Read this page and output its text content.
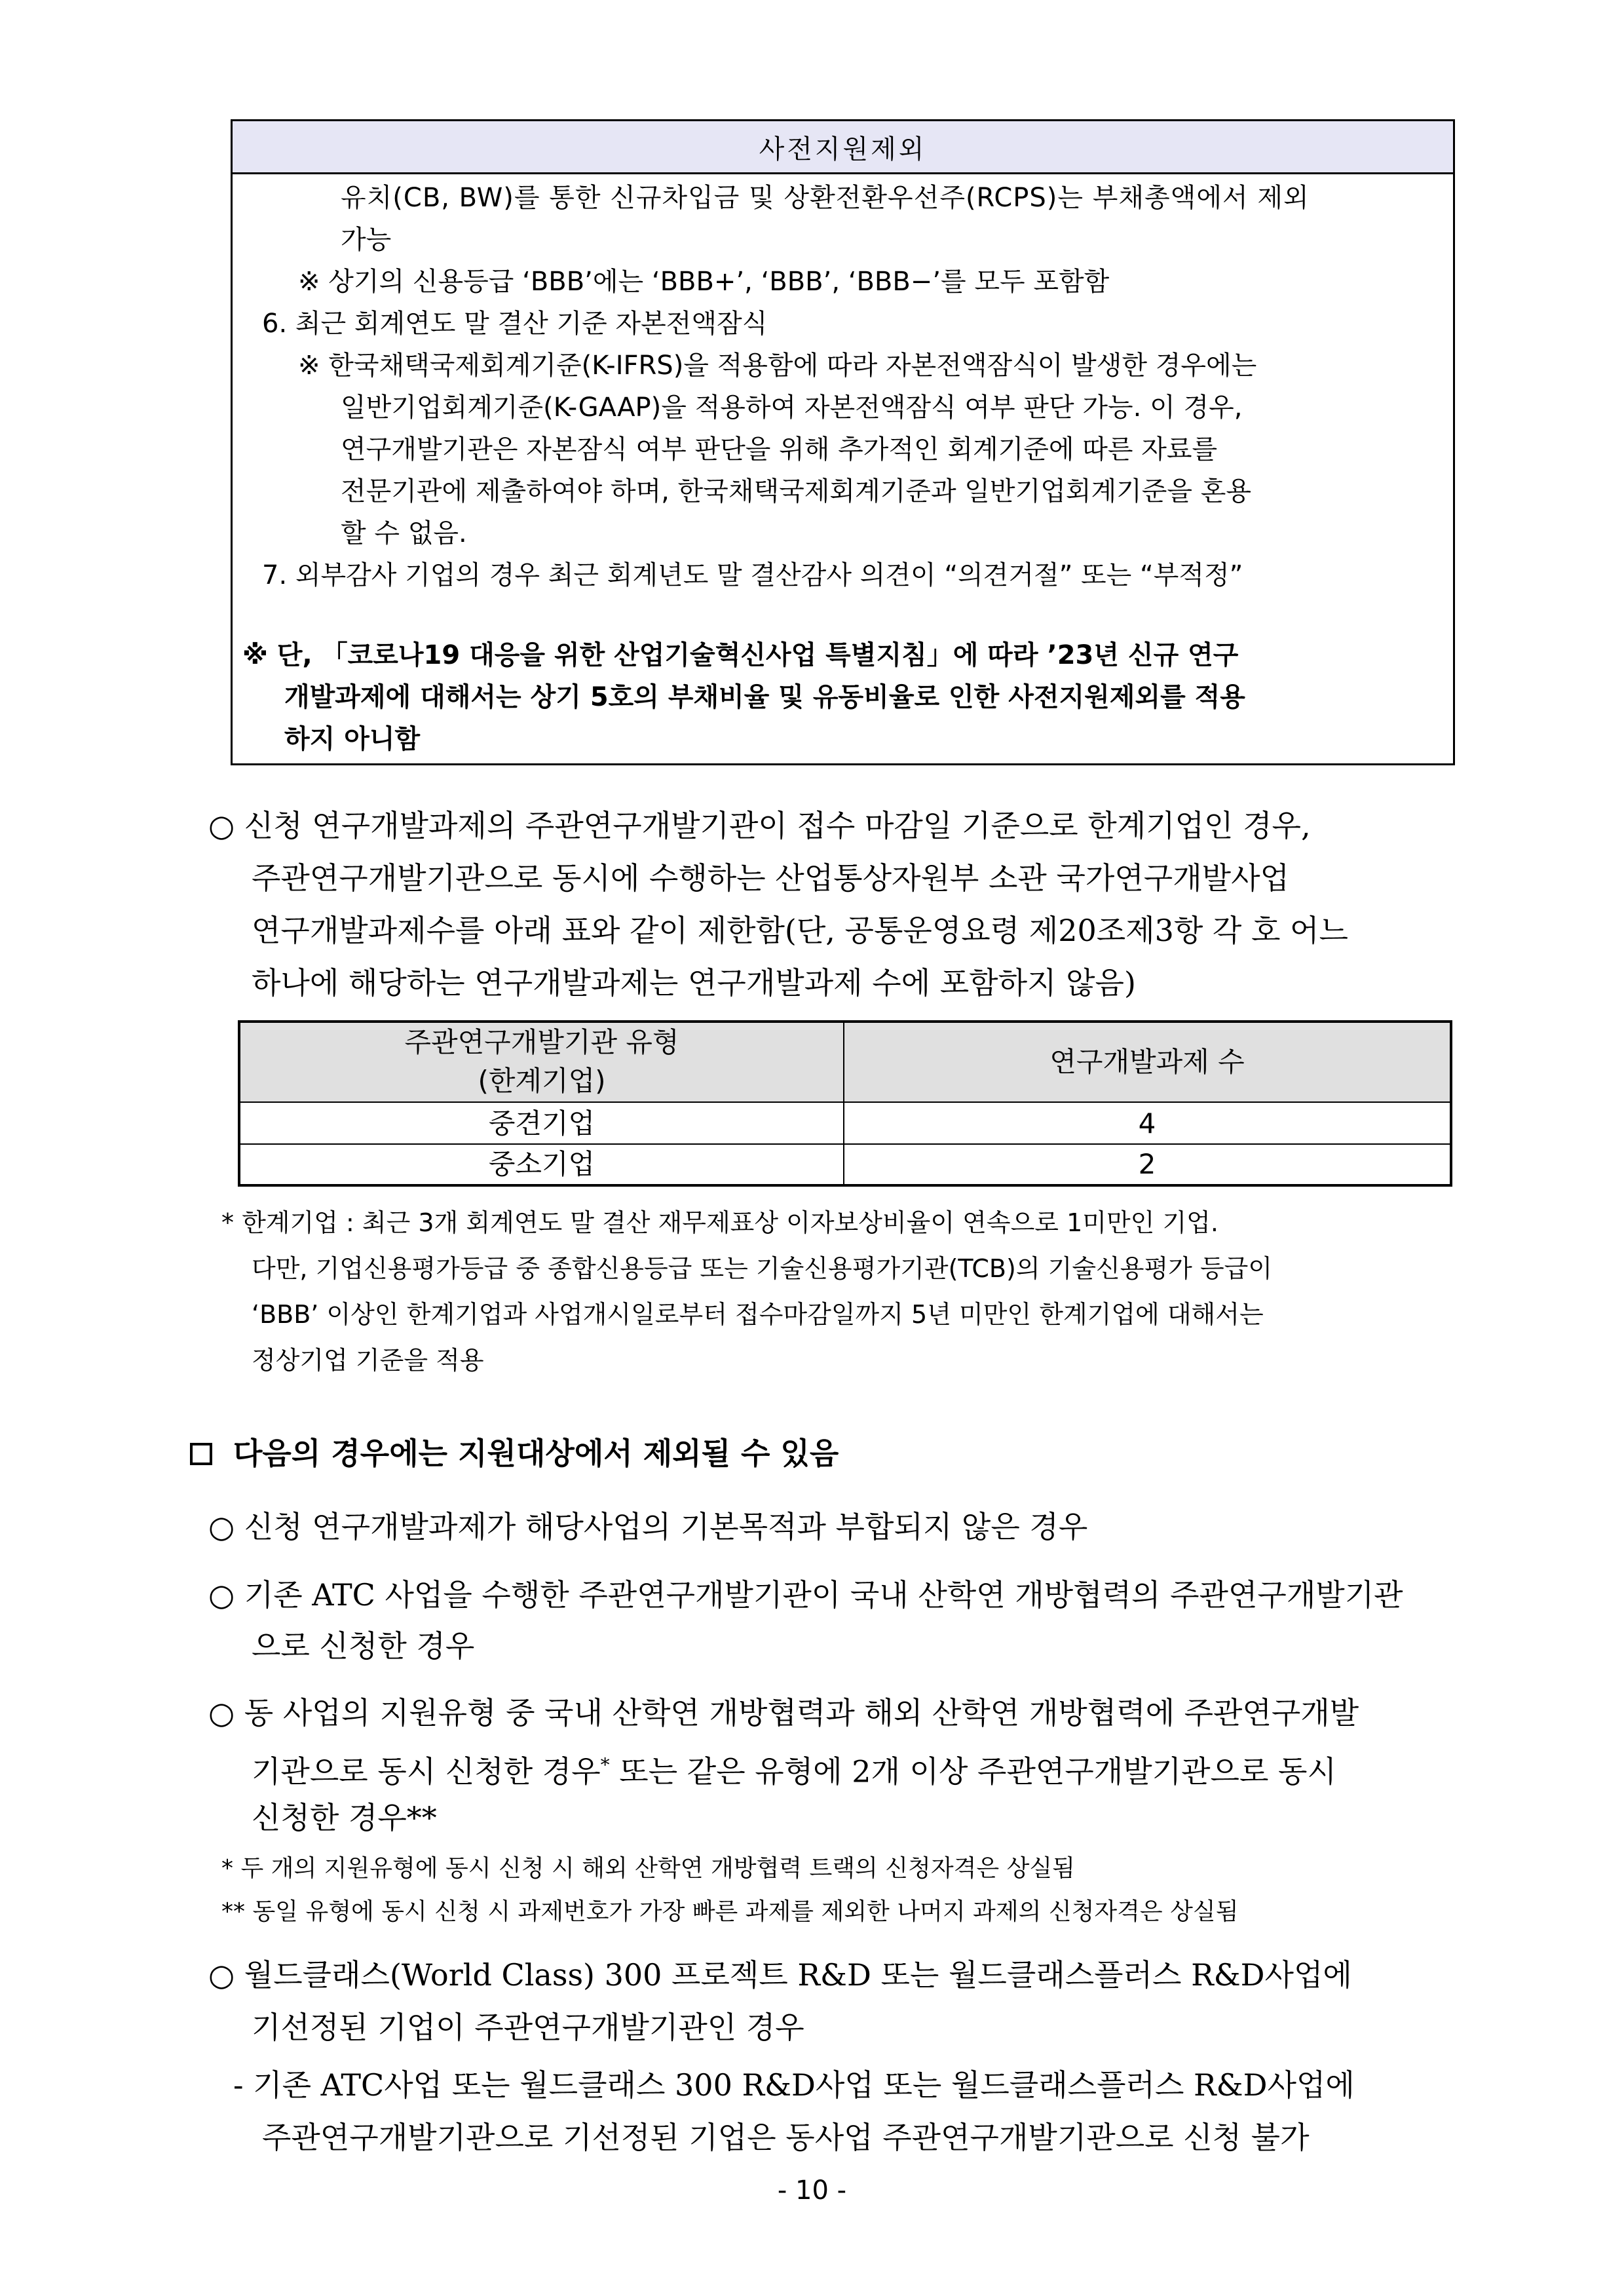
사전지원제외
유치(CB, BW)를 통한 신규차입금 및 상환전환우선주(RCPS)는 부채총액에서 제외
가능
※ 상기의 신용등급 ‘BBB’에는 ‘BBB+’, ‘BBB’, ‘BBB−’를 모두 포함함
6. 최근 회계연도 말 결산 기준 자본전액잠식
※ 한국채택국제회계기준(K-IFRS)을 적용함에 따라 자본전액잠식이 발생한 경우에는
일반기업회계기준(K-GAAP)을 적용하여 자본전액잠식 여부 판단 가능. 이 경우,
연구개발기관은 자본잠식 여부 판단을 위해 추가적인 회계기준에 따른 자료를
전문기관에 제출하여야 하며, 한국채택국제회계기준과 일반기업회계기준을 혼용
할 수 없음.
7. 외부감사 기업의 경우 최근 회계년도 말 결산감사 의견이 “의견거절” 또는 “부적정”
※ 단, 「코로나19 대응을 위한 산업기술혁신사업 특별지침」에 따라 ’23년 신규 연구
개발과제에 대해서는 상기 5호의 부채비율 및 유동비율로 인한 사전지원제외를 적용
하지 아니함
○ 신청 연구개발과제의 주관연구개발기관이 접수 마감일 기준으로 한계기업인 경우,
주관연구개발기관으로 동시에 수행하는 산업통상자원부 소관 국가연구개발사업
연구개발과제수를 아래 표와 같이 제한함(단, 공통운영요령 제20조제3항 각 호 어느
하나에 해당하는 연구개발과제는 연구개발과제 수에 포함하지 않음)
주관연구개발기관 유형
(한계기업)
연구개발과제 수
중견기업	4
중소기업	2
* 한계기업 : 최근 3개 회계연도 말 결산 재무제표상 이자보상비율이 연속으로 1미만인 기업.
다만, 기업신용평가등급 중 종합신용등급 또는 기술신용평가기관(TCB)의 기술신용평가 등급이
‘BBB’ 이상인 한계기업과 사업개시일로부터 접수마감일까지 5년 미만인 한계기업에 대해서는
정상기업 기준을 적용
다음의 경우에는 지원대상에서 제외될 수 있음
○ 신청 연구개발과제가 해당사업의 기본목적과 부합되지 않은 경우
○ 기존 ATC 사업을 수행한 주관연구개발기관이 국내 산학연 개방협력의 주관연구개발기관
으로 신청한 경우
○ 동 사업의 지원유형 중 국내 산학연 개방협력과 해외 산학연 개방협력에 주관연구개발
기관으로 동시 신청한 경우* 또는 같은 유형에 2개 이상 주관연구개발기관으로 동시
신청한 경우**
* 두 개의 지원유형에 동시 신청 시 해외 산학연 개방협력 트랙의 신청자격은 상실됨
** 동일 유형에 동시 신청 시 과제번호가 가장 빠른 과제를 제외한 나머지 과제의 신청자격은 상실됨
○ 월드클래스(World Class) 300 프로젝트 R&D 또는 월드클래스플러스 R&D사업에
기선정된 기업이 주관연구개발기관인 경우
- 기존 ATC사업 또는 월드클래스 300 R&D사업 또는 월드클래스플러스 R&D사업에
주관연구개발기관으로 기선정된 기업은 동사업 주관연구개발기관으로 신청 불가
- 10 -
